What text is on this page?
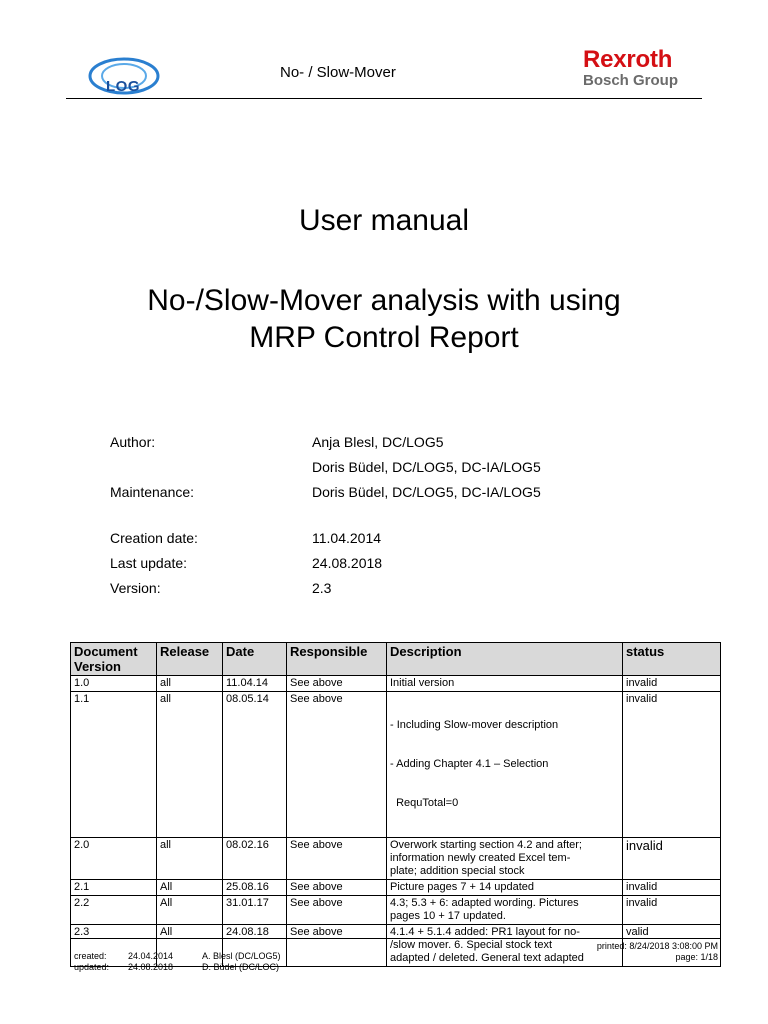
LOG
No- / Slow-Mover	Rexroth
Bosch Group
User manual
No-/Slow-Mover analysis with using
MRP Control Report
Author:	Anja Blesl, DC/LOG5
Doris Büdel, DC/LOG5, DC-IA/LOG5
Maintenance:	Doris Büdel, DC/LOG5, DC-IA/LOG5
Creation date:	11.04.2014
Last update:	24.08.2018
Version:	2.3
Document Version	Release	Date	Responsible	Description	status
1.0	all	11.04.14	See above	Initial version	invalid
1.1	all	08.05.14	See above	- Including Slow-mover description

- Adding Chapter 4.1 – Selection

RequTotal=0	invalid
2.0	all	08.02.16	See above	Overwork starting section 4.2 and after;
information newly created Excel tem-
plate; addition special stock	invalid
2.1	All	25.08.16	See above	Picture pages 7 + 14 updated	invalid
2.2	All	31.01.17	See above	4.3; 5.3 + 6: adapted wording. Pictures
pages 10 + 17 updated.	invalid
2.3	All	24.08.18	See above	4.1.4 + 5.1.4 added: PR1 layout for no-
/slow mover. 6. Special stock text
adapted / deleted. General text adapted	valid
created: 24.04.2014	A. Blesl (DC/LOG5)
updated: 24.08.2018	D. Büdel (DC/LOC)
printed: 8/24/2018 3:08:00 PM
page: 1/18
